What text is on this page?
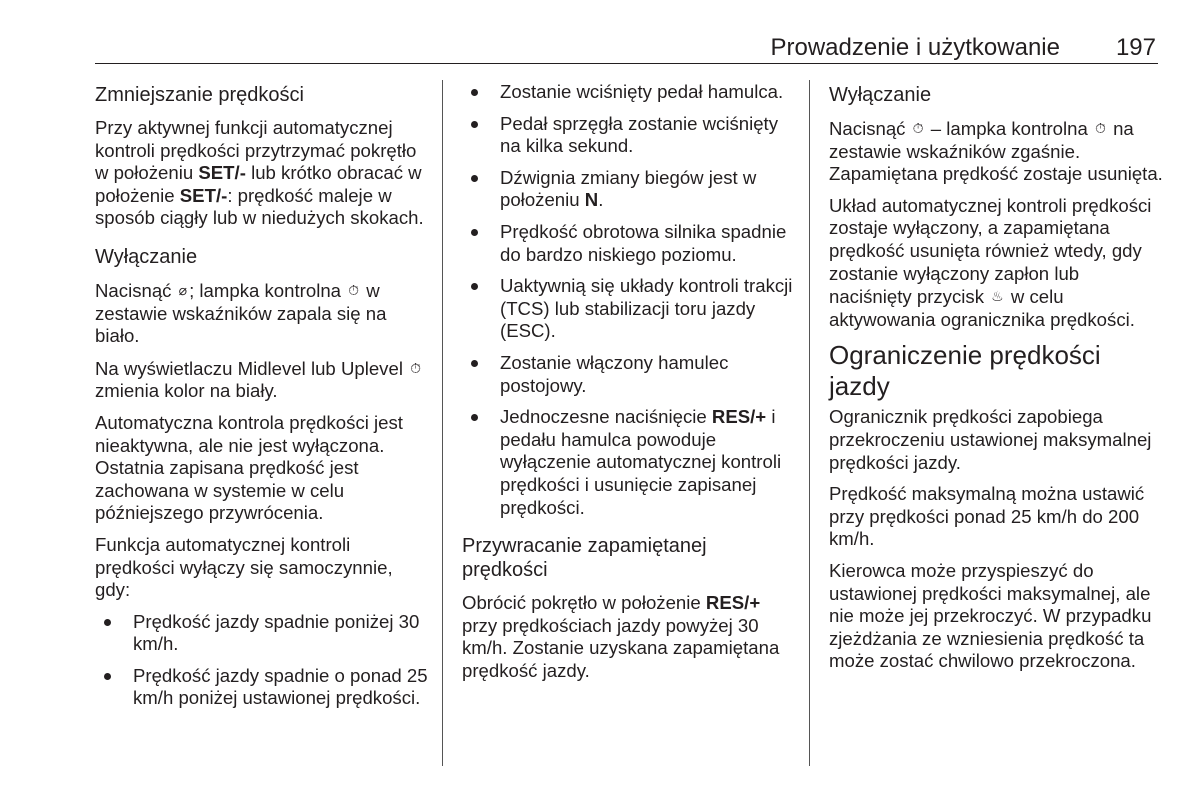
Prowadzenie i użytkowanie 197
Zmniejszanie prędkości

Przy aktywnej funkcji automatycznej kontroli prędkości przytrzymać pokrętło w położeniu SET/- lub krótko obracać w położenie SET/-: prędkość maleje w sposób ciągły lub w niedużych skokach.

Wyłączanie

Nacisnąć ⌀ ; lampka kontrolna ⏱ w zestawie wskaźników zapala się na biało.

Na wyświetlaczu Midlevel lub Uplevel ⏱ zmienia kolor na biały.

Automatyczna kontrola prędkości jest nieaktywna, ale nie jest wyłączona. Ostatnia zapisana prędkość jest zachowana w systemie w celu późniejszego przywrócenia.

Funkcja automatycznej kontroli prędkości wyłączy się samoczynnie, gdy:

Prędkość jazdy spadnie poniżej 30 km/h.
Prędkość jazdy spadnie o ponad 25 km/h poniżej ustawionej prędkości.
Zostanie wciśnięty pedał hamulca.
Pedał sprzęgła zostanie wciśnięty na kilka sekund.
Dźwignia zmiany biegów jest w położeniu N.
Prędkość obrotowa silnika spadnie do bardzo niskiego poziomu.
Uaktywnią się układy kontroli trakcji (TCS) lub stabilizacji toru jazdy (ESC).
Zostanie włączony hamulec postojowy.
Jednoczesne naciśnięcie RES/+ i pedału hamulca powoduje wyłączenie automatycznej kontroli prędkości i usunięcie zapisanej prędkości.
Przywracanie zapamiętanej prędkości

Obrócić pokrętło w położenie RES/+ przy prędkościach jazdy powyżej 30 km/h. Zostanie uzyskana zapamiętana prędkość jazdy.

Wyłączanie

Nacisnąć ⏱ – lampka kontrolna ⏱ na zestawie wskaźników zgaśnie. Zapamiętana prędkość zostaje usunięta.

Układ automatycznej kontroli prędkości zostaje wyłączony, a zapamiętana prędkość usunięta również wtedy, gdy zostanie wyłączony zapłon lub naciśnięty przycisk ♨ w celu aktywowania ogranicznika prędkości.

Ograniczenie prędkości jazdy

Ogranicznik prędkości zapobiega przekroczeniu ustawionej maksymalnej prędkości jazdy.

Prędkość maksymalną można ustawić przy prędkości ponad 25 km/h do 200 km/h.

Kierowca może przyspieszyć do ustawionej prędkości maksymalnej, ale nie może jej przekroczyć. W przypadku zjeżdżania ze wzniesienia prędkość ta może zostać chwilowo przekroczona.
